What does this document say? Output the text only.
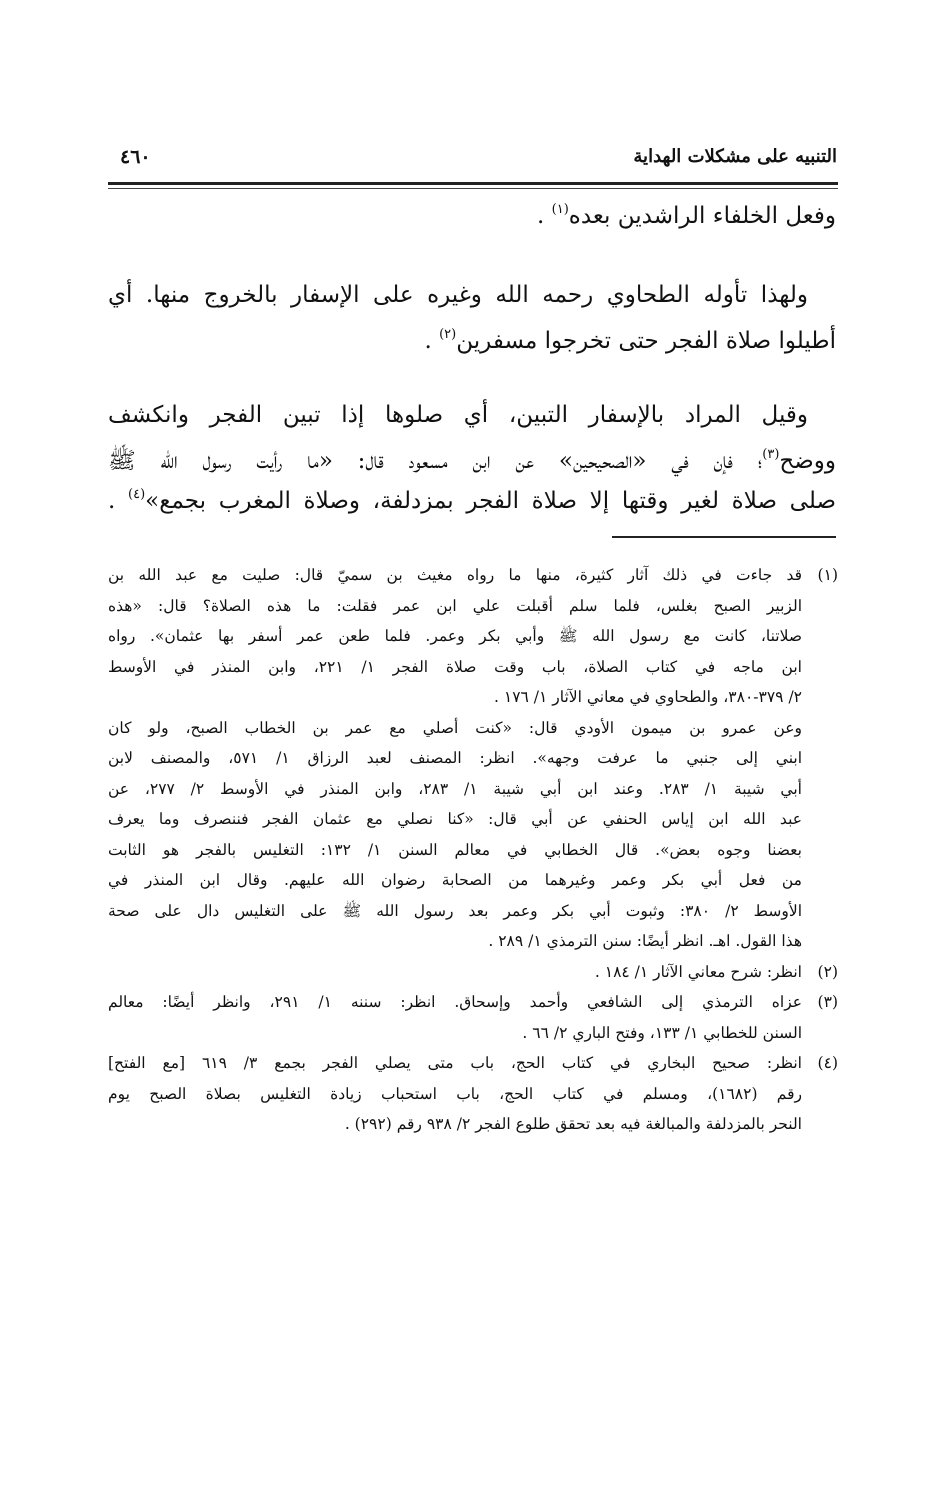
التنبيه على مشكلات الهداية
٤٦٠
وفعل الخلفاء الراشدين بعده$^{(١)}$ .
ولهذا تأوله الطحاوي رحمه الله وغيره على الإسفار بالخروج منها. أي
أطيلوا صلاة الفجر حتى تخرجوا مسفرين$^{(٢)}$ .
وقيل المراد بالإسفار التبين، أي صلوها إذا تبين الفجر وانكشف
ووضح$^{(٣)}$؛ فإن في «الصحيحين» عن ابن مسعود قال: «ما رأيت رسول الله ﷺ
صلى صلاة لغير وقتها إلا صلاة الفجر بمزدلفة، وصلاة المغرب بجمع»$^{(٤)}$ .
(١)
قد جاءت في ذلك آثار كثيرة، منها ما رواه مغيث بن سميّ قال: صليت مع عبد الله بن
الزبير الصبح بغلس، فلما سلم أقبلت علي ابن عمر فقلت: ما هذه الصلاة؟ قال: «هذه
صلاتنا، كانت مع رسول الله ﷺ وأبي بكر وعمر. فلما طعن عمر أسفر بها عثمان». رواه
ابن ماجه في كتاب الصلاة، باب وقت صلاة الفجر ١/ ٢٢١، وابن المنذر في الأوسط
٢/ ٣٧٩-٣٨٠، والطحاوي في معاني الآثار ١/ ١٧٦ .
وعن عمرو بن ميمون الأودي قال: «كنت أصلي مع عمر بن الخطاب الصبح، ولو كان
ابني إلى جنبي ما عرفت وجهه». انظر: المصنف لعبد الرزاق ١/ ٥٧١، والمصنف لابن
أبي شيبة ١/ ٢٨٣. وعند ابن أبي شيبة ١/ ٢٨٣، وابن المنذر في الأوسط ٢/ ٢٧٧، عن
عبد الله ابن إياس الحنفي عن أبي قال: «كنا نصلي مع عثمان الفجر فننصرف وما يعرف
بعضنا وجوه بعض». قال الخطابي في معالم السنن ١/ ١٣٢: التغليس بالفجر هو الثابت
من فعل أبي بكر وعمر وغيرهما من الصحابة رضوان الله عليهم. وقال ابن المنذر في
الأوسط ٢/ ٣٨٠: وثبوت أبي بكر وعمر بعد رسول الله ﷺ على التغليس دال على صحة
هذا القول. اهـ. انظر أيضًا: سنن الترمذي ١/ ٢٨٩ .
(٢)
انظر: شرح معاني الآثار ١/ ١٨٤ .
(٣)
عزاه الترمذي إلى الشافعي وأحمد وإسحاق. انظر: سننه ١/ ٢٩١، وانظر أيضًا: معالم
السنن للخطابي ١/ ١٣٣، وفتح الباري ٢/ ٦٦ .
(٤)
انظر: صحيح البخاري في كتاب الحج، باب متى يصلي الفجر بجمع ٣/ ٦١٩ [مع الفتح]
رقم (١٦٨٢)، ومسلم في كتاب الحج، باب استحباب زيادة التغليس بصلاة الصبح يوم
النحر بالمزدلفة والمبالغة فيه بعد تحقق طلوع الفجر ٢/ ٩٣٨ رقم (٢٩٢) .
